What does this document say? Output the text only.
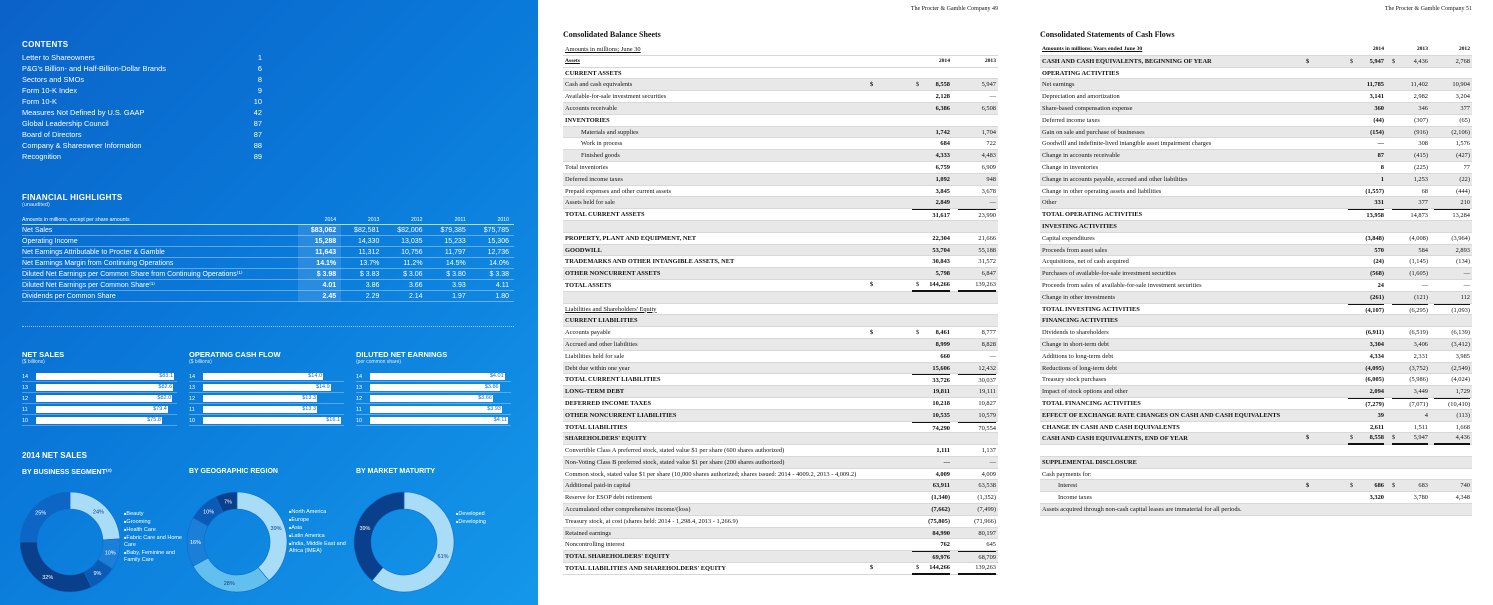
CONTENTS
Letter to Shareowners	1
P&G's Billion- and Half-Billion-Dollar Brands	6
Sectors and SMOs	8
Form 10-K Index	9
Form 10-K	10
Measures Not Defined by U.S. GAAP	42
Global Leadership Council	87
Board of Directors	87
Company & Shareowner Information	88
Recognition	89
FINANCIAL HIGHLIGHTS
(unaudited)
Amounts in millions, except per share amounts	2014	2013	2012	2011	2010
Net Sales	$83,062	$82,581	$82,006	$79,385	$75,785
Operating Income	15,288	14,330	13,035	15,233	15,306
Net Earnings Attributable to Procter & Gamble	11,643	11,312	10,756	11,797	12,736
Net Earnings Margin from Continuing Operations	14.1%	13.7%	11.2%	14.5%	14.0%
Diluted Net Earnings per Common Share from Continuing Operations⁽¹⁾	$ 3.98	$ 3.83	$ 3.06	$ 3.80	$ 3.38
Diluted Net Earnings per Common Share⁽¹⁾	4.01	3.86	3.66	3.93	4.11
Dividends per Common Share	2.45	2.29	2.14	1.97	1.80
NET SALES
($ billions)
14	$83.1
13	$82.6
12	$82.0
11	$79.4
10	$75.8
OPERATING CASH FLOW
($ billions)
14	$14.0
13	$14.9
12	$13.3
11	$13.3
10	$16.1
DILUTED NET EARNINGS
(per common share)
14	$4.01
13	$3.86
12	$3.66
11	$3.93
10	$4.11
2014 NET SALES
BY BUSINESS SEGMENT⁽²⁾	BY GEOGRAPHIC REGION	BY MARKET MATURITY
24%
10%
9%
32%
25%
39%
28%
16%
10%
7%
61%
39%
■ Beauty
■ Grooming
■ Health Care
■ Fabric Care and Home Care
■ Baby, Feminine and Family Care
■ North America
■ Europe
■ Asia
■ Latin America
■ India, Middle East and Africa (IMEA)
■ Developed
■ Developing
The Procter & Gamble Company 49
Consolidated Balance Sheets
Amounts in millions; June 30
Assets	2014	2013
CURRENT ASSETS
Cash and cash equivalents	$ 8,558	$ 5,947
Available-for-sale investment securities	2,128	—
Accounts receivable	6,386	6,508
INVENTORIES
Materials and supplies	1,742	1,704
Work in process	684	722
Finished goods	4,333	4,483
Total inventories	6,759	6,909
Deferred income taxes	1,092	948
Prepaid expenses and other current assets	3,845	3,678
Assets held for sale	2,849	—
TOTAL CURRENT ASSETS	31,617	23,990
PROPERTY, PLANT AND EQUIPMENT, NET	22,304	21,666
GOODWILL	53,704	55,188
TRADEMARKS AND OTHER INTANGIBLE ASSETS, NET	30,843	31,572
OTHER NONCURRENT ASSETS	5,798	6,847
TOTAL ASSETS	$ 144,266	$ 139,263
Liabilities and Shareholders' Equity
CURRENT LIABILITIES
Accounts payable	$ 8,461	$ 8,777
Accrued and other liabilities	8,999	8,828
Liabilities held for sale	660	—
Debt due within one year	15,606	12,432
TOTAL CURRENT LIABILITIES	33,726	30,037
LONG-TERM DEBT	19,811	19,111
DEFERRED INCOME TAXES	10,218	10,827
OTHER NONCURRENT LIABILITIES	10,535	10,579
TOTAL LIABILITIES	74,290	70,554
SHAREHOLDERS' EQUITY
Convertible Class A preferred stock, stated value $1 per share (600 shares authorized)	1,111	1,137
Non-Voting Class B preferred stock, stated value $1 per share (200 shares authorized)	—	—
Common stock, stated value $1 per share (10,000 shares authorized; shares issued: 2014 - 4009.2, 2013 - 4,009.2)	4,009	4,009
Additional paid-in capital	63,911	63,538
Reserve for ESOP debt retirement	(1,340)	(1,352)
Accumulated other comprehensive income/(loss)	(7,662)	(7,499)
Treasury stock, at cost (shares held: 2014 - 1,298.4, 2013 - 1,266.9)	(75,805)	(71,966)
Retained earnings	84,990	80,197
Noncontrolling interest	762	645
TOTAL SHAREHOLDERS' EQUITY	69,976	68,709
TOTAL LIABILITIES AND SHAREHOLDERS' EQUITY	$ 144,266	$ 139,263
The Procter & Gamble Company 51
Consolidated Statements of Cash Flows
Amounts in millions; Years ended June 30	2014	2013	2012
CASH AND CASH EQUIVALENTS, BEGINNING OF YEAR	$ 5,947	$ 4,436	$ 2,768
OPERATING ACTIVITIES
Net earnings	11,785	11,402	10,904
Depreciation and amortization	3,141	2,982	3,204
Share-based compensation expense	360	346	377
Deferred income taxes	(44)	(307)	(65)
Gain on sale and purchase of businesses	(154)	(916)	(2,106)
Goodwill and indefinite-lived intangible asset impairment charges	—	308	1,576
Change in accounts receivable	87	(415)	(427)
Change in inventories	8	(225)	77
Change in accounts payable, accrued and other liabilities	1	1,253	(22)
Change in other operating assets and liabilities	(1,557)	68	(444)
Other	331	377	210
TOTAL OPERATING ACTIVITIES	13,958	14,873	13,284
INVESTING ACTIVITIES
Capital expenditures	(3,848)	(4,008)	(3,964)
Proceeds from asset sales	570	584	2,893
Acquisitions, net of cash acquired	(24)	(1,145)	(134)
Purchases of available-for-sale investment securities	(568)	(1,605)	—
Proceeds from sales of available-for-sale investment securities	24	—	—
Change in other investments	(261)	(121)	112
TOTAL INVESTING ACTIVITIES	(4,107)	(6,295)	(1,093)
FINANCING ACTIVITIES
Dividends to shareholders	(6,911)	(6,519)	(6,139)
Change in short-term debt	3,304	3,406	(3,412)
Additions to long-term debt	4,334	2,331	3,985
Reductions of long-term debt	(4,095)	(3,752)	(2,549)
Treasury stock purchases	(6,005)	(5,986)	(4,024)
Impact of stock options and other	2,094	3,449	1,729
TOTAL FINANCING ACTIVITIES	(7,279)	(7,071)	(10,410)
EFFECT OF EXCHANGE RATE CHANGES ON CASH AND CASH EQUIVALENTS	39	4	(113)
CHANGE IN CASH AND CASH EQUIVALENTS	2,611	1,511	1,668
CASH AND CASH EQUIVALENTS, END OF YEAR	$ 8,558	$ 5,947	$ 4,436
SUPPLEMENTAL DISCLOSURE
Cash payments for:
Interest	$ 686	$ 683	$ 740
Income taxes	3,320	3,780	4,348
Assets acquired through non-cash capital leases are immaterial for all periods.
